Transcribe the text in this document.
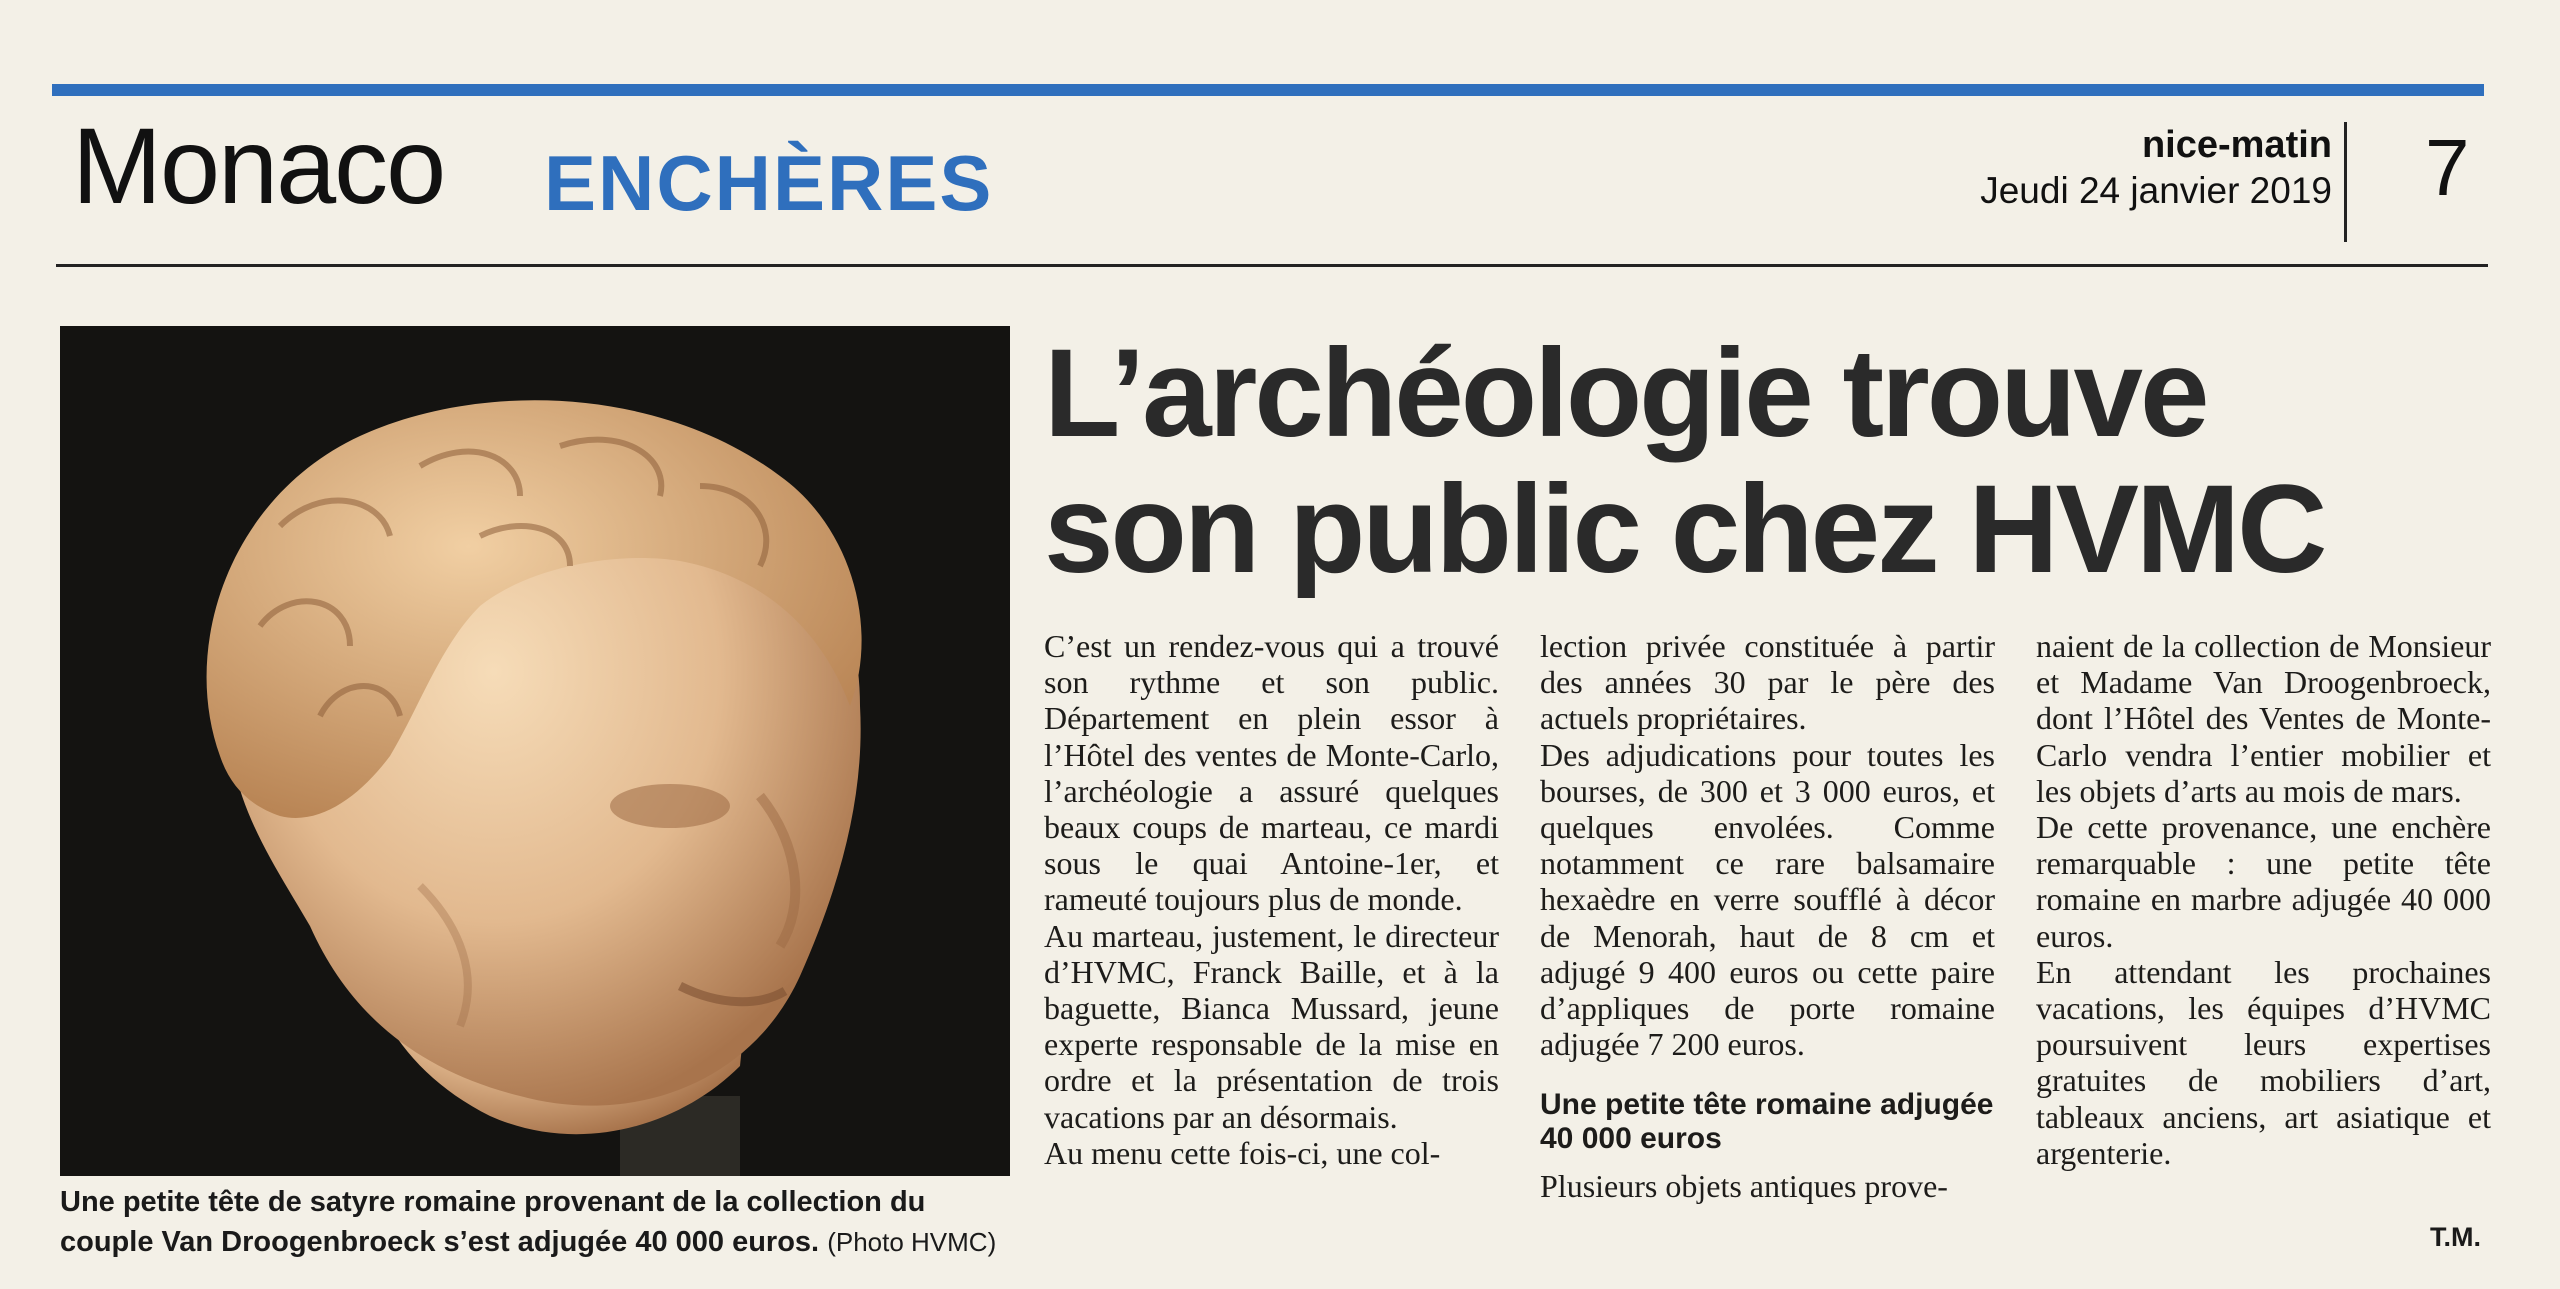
Monaco ENCHÈRES	nice-matin
Jeudi 24 janvier 2019 7
Une petite tête de satyre romaine provenant de la collection du couple Van Droogenbroeck s’est adjugée 40 000 euros. (Photo HVMC)
L’archéologie trouve
son public chez HVMC

C’est un rendez-vous qui a trouvé son rythme et son public. Département en plein essor à l’Hôtel des ventes de Monte-Carlo, l’archéologie a assuré quelques beaux coups de marteau, ce mardi sous le quai Antoine-1er, et rameuté toujours plus de monde.

Au marteau, justement, le directeur d’HVMC, Franck Baille, et à la baguette, Bianca Mussard, jeune experte responsable de la mise en ordre et la présentation de trois vacations par an désormais.

Au menu cette fois-ci, une col-

lection privée constituée à partir des années 30 par le père des actuels propriétaires.

Des adjudications pour toutes les bourses, de 300 et 3 000 euros, et quelques envolées. Comme notamment ce rare balsamaire hexaèdre en verre soufflé à décor de Menorah, haut de 8 cm et adjugé 9 400 euros ou cette paire d’appliques de porte romaine adjugée 7 200 euros.

Une petite tête romaine adjugée 40 000 euros

Plusieurs objets antiques prove-

naient de la collection de Monsieur et Madame Van Droogenbroeck, dont l’Hôtel des Ventes de Monte-Carlo vendra l’entier mobilier et les objets d’arts au mois de mars.

De cette provenance, une enchère remarquable : une petite tête romaine en marbre adjugée 40 000 euros.

En attendant les prochaines vacations, les équipes d’HVMC poursuivent leurs expertises gratuites de mobiliers d’art, tableaux anciens, art asiatique et argenterie.

T.M.
